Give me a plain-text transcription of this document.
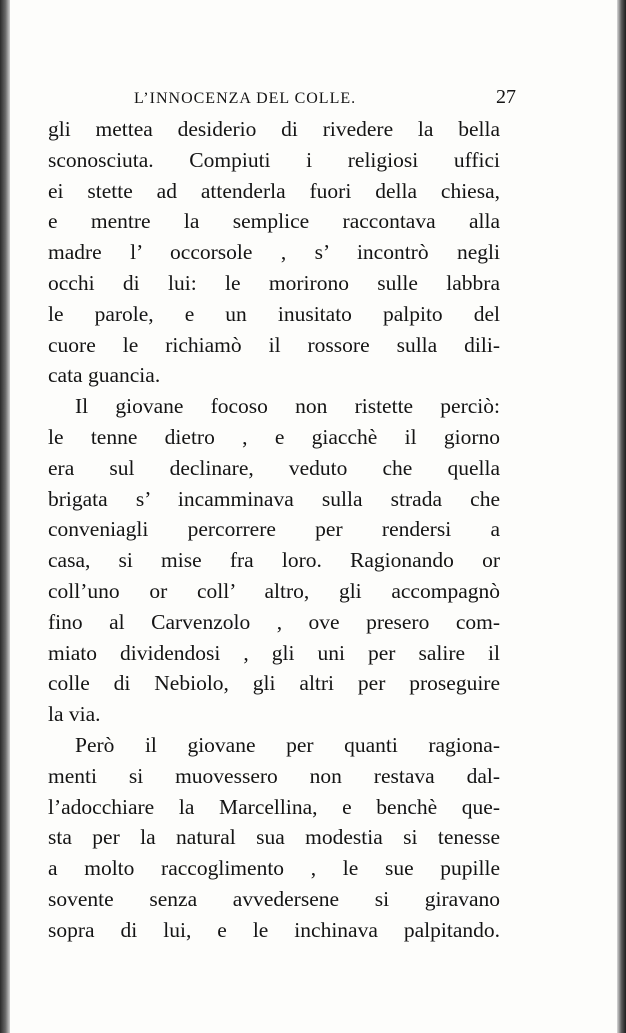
L’INNOCENZA DEL COLLE.	27
gli mettea desiderio di rivedere la bella
sconosciuta. Compiuti i religiosi uffici
ei stette ad attenderla fuori della chiesa,
e mentre la semplice raccontava alla
madre l’ occorsole , s’ incontrò negli
occhi di lui: le morirono sulle labbra
le parole, e un inusitato palpito del
cuore le richiamò il rossore sulla dili-
cata guancia.
Il giovane focoso non ristette perciò:
le tenne dietro , e giacchè il giorno
era sul declinare, veduto che quella
brigata s’ incamminava sulla strada che
conveniagli percorrere per rendersi a
casa, si mise fra loro. Ragionando or
coll’uno or coll’ altro, gli accompagnò
fino al Carvenzolo , ove presero com-
miato dividendosi , gli uni per salire il
colle di Nebiolo, gli altri per proseguire
la via.
Però il giovane per quanti ragiona-
menti si muovessero non restava dal-
l’adocchiare la Marcellina, e benchè que-
sta per la natural sua modestia si tenesse
a molto raccoglimento , le sue pupille
sovente senza avvedersene si giravano
sopra di lui, e le inchinava palpitando.
